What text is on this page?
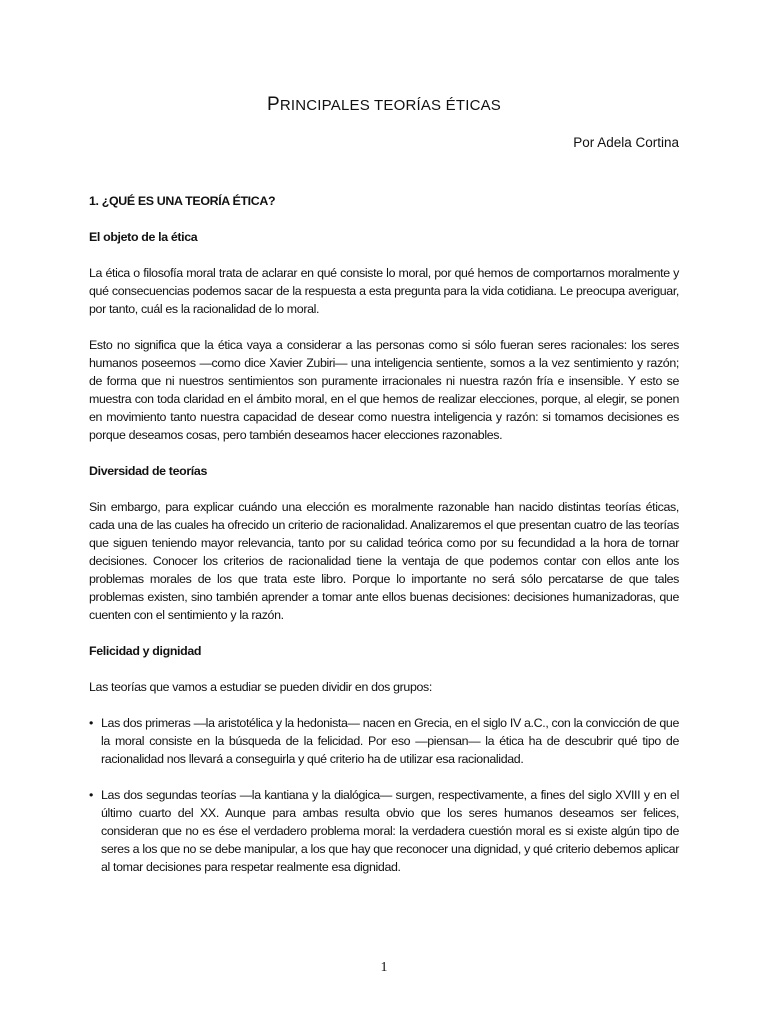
PRINCIPALES TEORÍAS ÉTICAS
Por Adela Cortina
1. ¿QUÉ ES UNA TEORÍA ÉTICA?
El objeto de la ética

La ética o filosofía moral trata de aclarar en qué consiste lo moral, por qué hemos de comportarnos moralmente y qué consecuencias podemos sacar de la respuesta a esta pregunta para la vida cotidiana. Le preocupa averiguar, por tanto, cuál es la racionalidad de lo moral.

Esto no significa que la ética vaya a considerar a las personas como si sólo fueran seres racionales: los seres humanos poseemos —como dice Xavier Zubiri— una inteligencia sentiente, somos a la vez sentimiento y razón; de forma que ni nuestros sentimientos son puramente irracionales ni nuestra razón fría e insensible. Y esto se muestra con toda claridad en el ámbito moral, en el que hemos de realizar elecciones, porque, al elegir, se ponen en movimiento tanto nuestra capacidad de desear como nuestra inteligencia y razón: si tomamos decisiones es porque deseamos cosas, pero también deseamos hacer elecciones razonables.

Diversidad de teorías

Sin embargo, para explicar cuándo una elección es moralmente razonable han nacido distintas teorías éticas, cada una de las cuales ha ofrecido un criterio de racionalidad. Analizaremos el que presentan cuatro de las teorías que siguen teniendo mayor relevancia, tanto por su calidad teórica como por su fecundidad a la hora de tornar decisiones. Conocer los criterios de racionalidad tiene la ventaja de que podemos contar con ellos ante los problemas morales de los que trata este libro. Porque lo importante no será sólo percatarse de que tales problemas existen, sino también aprender a tomar ante ellos buenas decisiones: decisiones humanizadoras, que cuenten con el sentimiento y la razón.

Felicidad y dignidad

Las teorías que vamos a estudiar se pueden dividir en dos grupos:

• Las dos primeras —la aristotélica y la hedonista— nacen en Grecia, en el siglo IV a.C., con la convicción de que la moral consiste en la búsqueda de la felicidad. Por eso —piensan— la ética ha de descubrir qué tipo de racionalidad nos llevará a conseguirla y qué criterio ha de utilizar esa racionalidad.
• Las dos segundas teorías —la kantiana y la dialógica— surgen, respectivamente, a fines del siglo XVIII y en el último cuarto del XX. Aunque para ambas resulta obvio que los seres humanos deseamos ser felices, consideran que no es ése el verdadero problema moral: la verdadera cuestión moral es si existe algún tipo de seres a los que no se debe manipular, a los que hay que reconocer una dignidad, y qué criterio debemos aplicar al tomar decisiones para respetar realmente esa dignidad.
1
